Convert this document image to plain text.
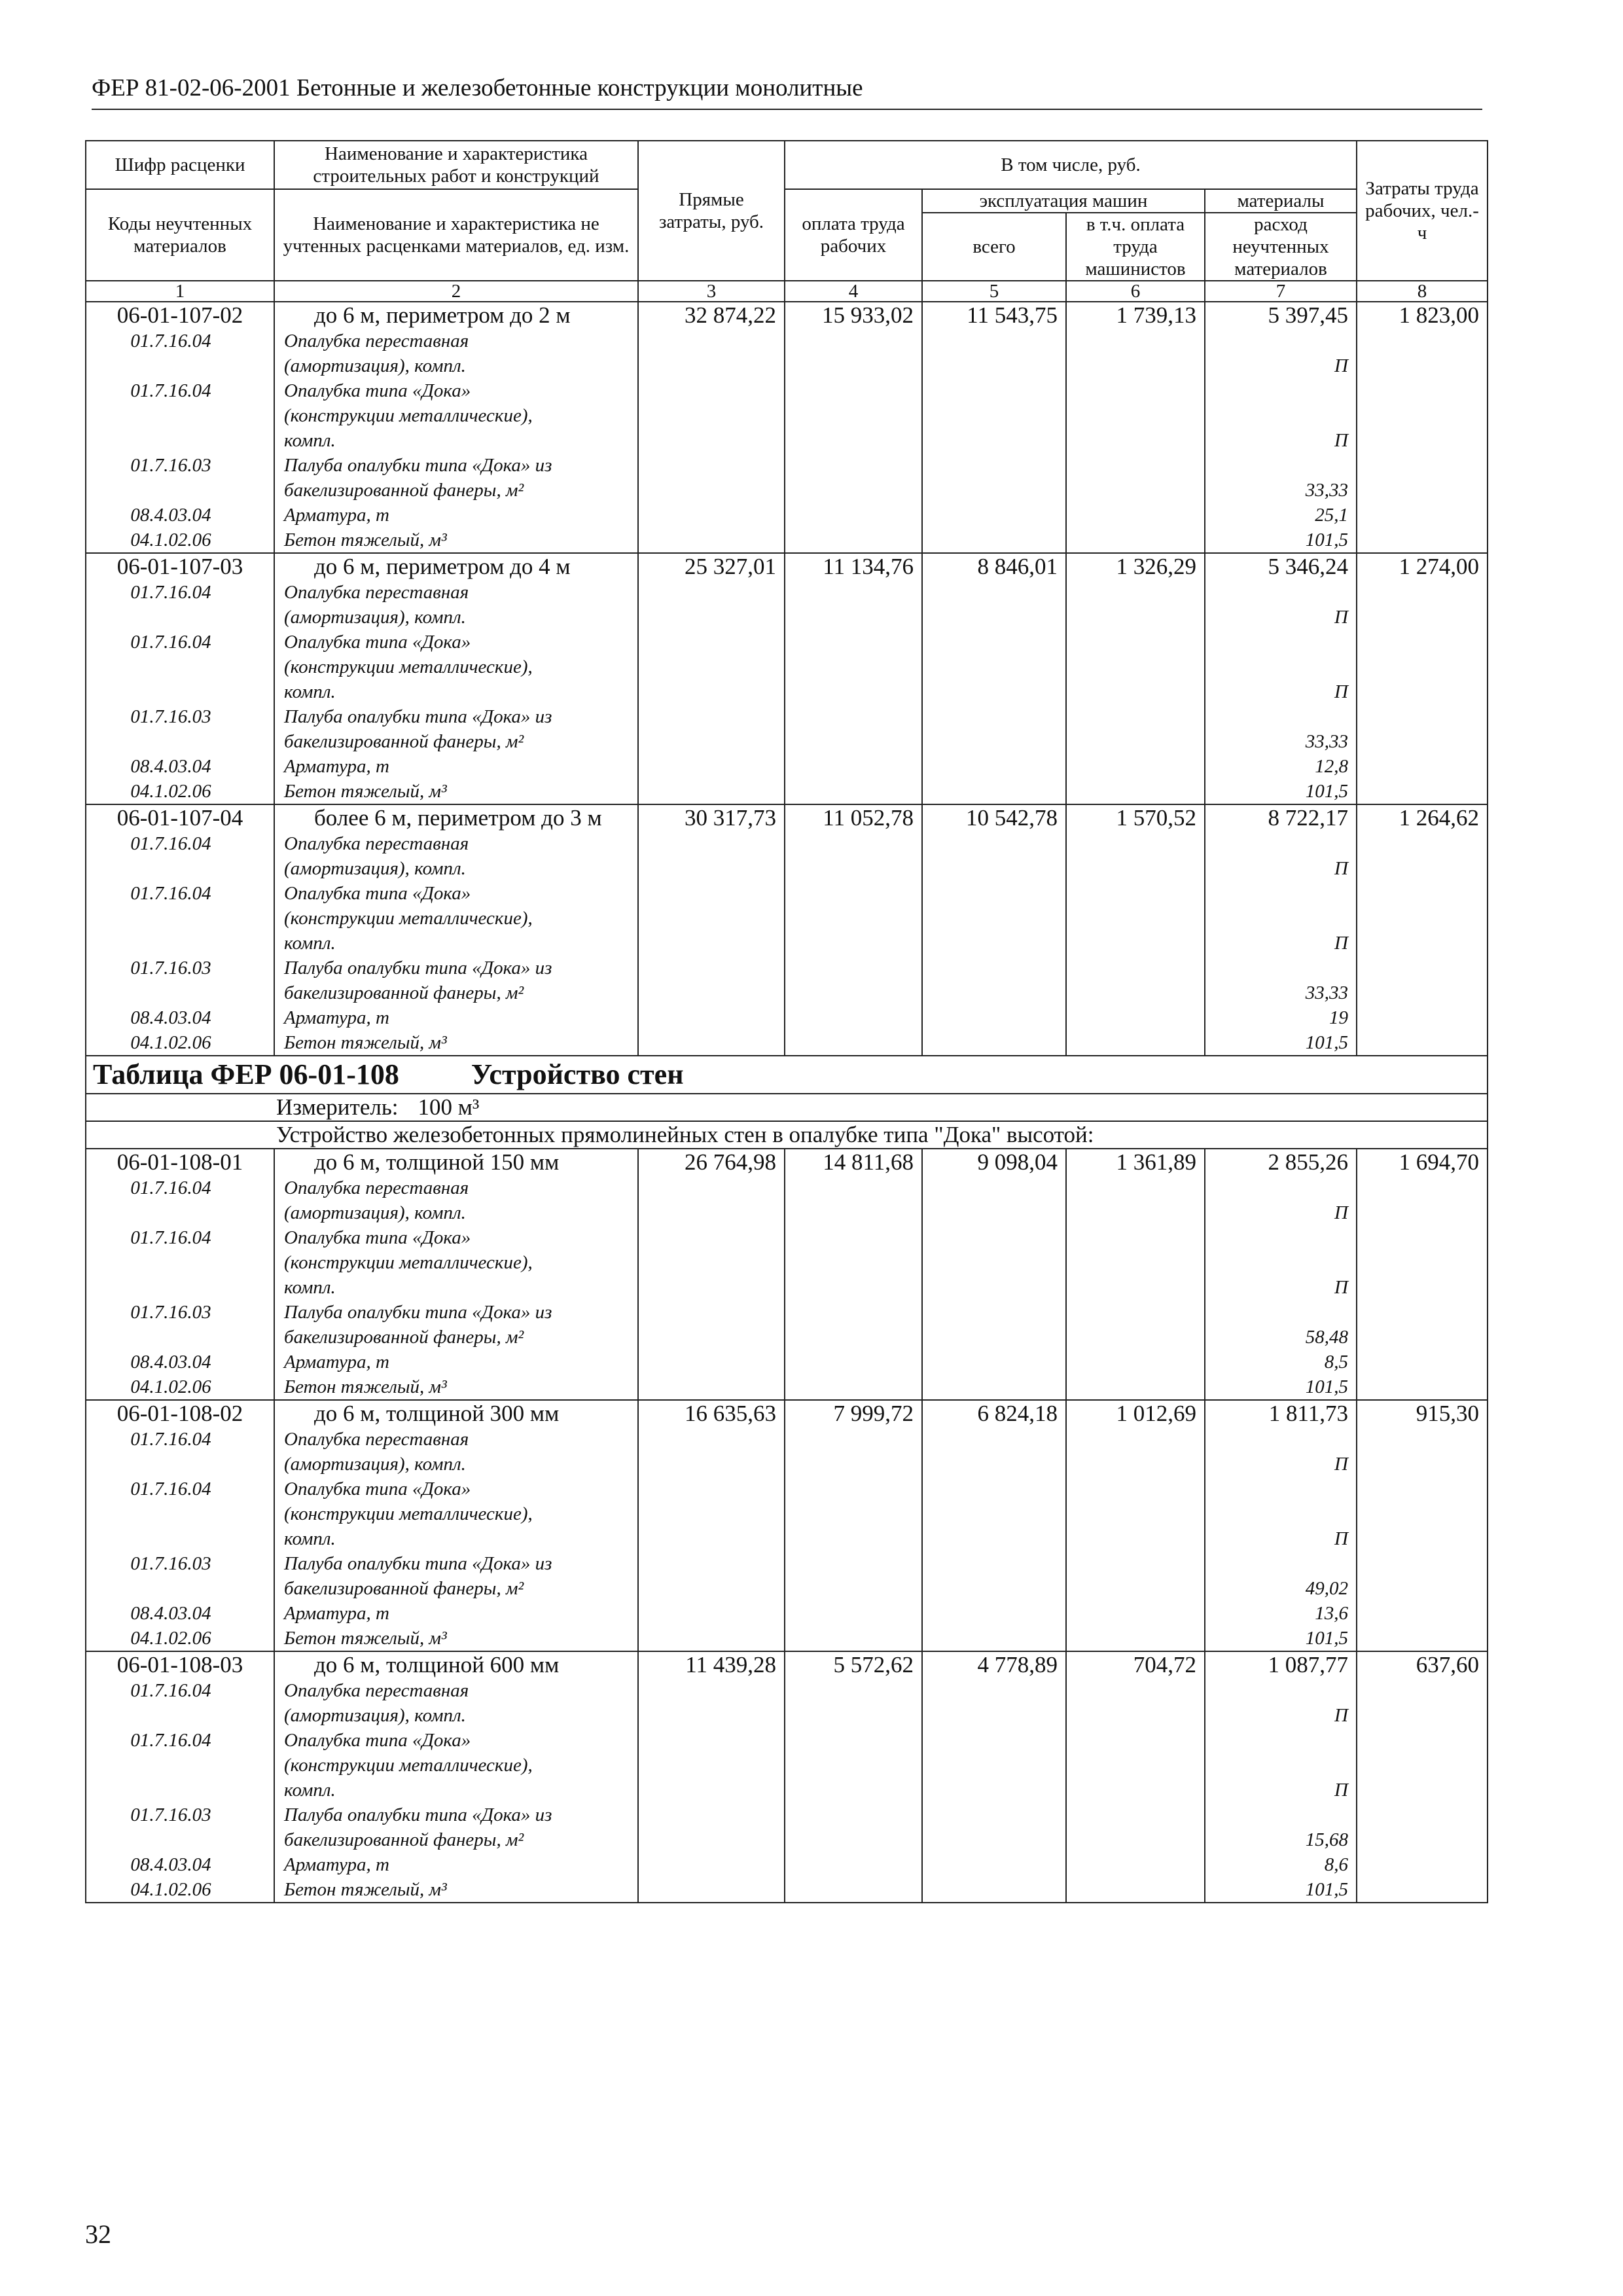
ФЕР 81-02-06-2001 Бетонные и железобетонные конструкции монолитные
Шифр расценки	Наименование и характеристика строительных работ и конструкций	Прямые затраты, руб.	В том числе, руб.				Затраты труда рабочих, чел.-ч
Коды неучтенных материалов	Наименование и характеристика не учтенных расценками материалов, ед. изм.		оплата труда рабочих	эксплуатация машин		материалы	
				всего	в т.ч. оплата труда машинистов	расход неучтенных материалов	
1	2	3	4	5	6	7	8
06-01-107-02	до 6 м, периметром до 2 м	32 874,22	15 933,02	11 543,75	1 739,13	5 397,45	1 823,00
01.7.16.04	Опалубка переставная						
	(амортизация), компл.					П	
01.7.16.04	Опалубка типа «Дока»						
	(конструкции металлические),						
	компл.					П	
01.7.16.03	Палуба опалубки типа «Дока» из						
	бакелизированной фанеры, м²					33,33	
08.4.03.04	Арматура, т					25,1	
04.1.02.06	Бетон тяжелый, м³					101,5	
06-01-107-03	до 6 м, периметром до 4 м	25 327,01	11 134,76	8 846,01	1 326,29	5 346,24	1 274,00
01.7.16.04	Опалубка переставная						
	(амортизация), компл.					П	
01.7.16.04	Опалубка типа «Дока»						
	(конструкции металлические),						
	компл.					П	
01.7.16.03	Палуба опалубки типа «Дока» из						
	бакелизированной фанеры, м²					33,33	
08.4.03.04	Арматура, т					12,8	
04.1.02.06	Бетон тяжелый, м³					101,5	
06-01-107-04	более 6 м, периметром до 3 м	30 317,73	11 052,78	10 542,78	1 570,52	8 722,17	1 264,62
01.7.16.04	Опалубка переставная						
	(амортизация), компл.					П	
01.7.16.04	Опалубка типа «Дока»						
	(конструкции металлические),						
	компл.					П	
01.7.16.03	Палуба опалубки типа «Дока» из						
	бакелизированной фанеры, м²					33,33	
08.4.03.04	Арматура, т					19	
04.1.02.06	Бетон тяжелый, м³					101,5	
Таблица ФЕР 06-01-108 Устройство стен							
Измеритель: 100 м³							
Устройство железобетонных прямолинейных стен в опалубке типа "Дока" высотой:							
06-01-108-01	до 6 м, толщиной 150 мм	26 764,98	14 811,68	9 098,04	1 361,89	2 855,26	1 694,70
01.7.16.04	Опалубка переставная						
	(амортизация), компл.					П	
01.7.16.04	Опалубка типа «Дока»						
	(конструкции металлические),						
	компл.					П	
01.7.16.03	Палуба опалубки типа «Дока» из						
	бакелизированной фанеры, м²					58,48	
08.4.03.04	Арматура, т					8,5	
04.1.02.06	Бетон тяжелый, м³					101,5	
06-01-108-02	до 6 м, толщиной 300 мм	16 635,63	7 999,72	6 824,18	1 012,69	1 811,73	915,30
01.7.16.04	Опалубка переставная						
	(амортизация), компл.					П	
01.7.16.04	Опалубка типа «Дока»						
	(конструкции металлические),						
	компл.					П	
01.7.16.03	Палуба опалубки типа «Дока» из						
	бакелизированной фанеры, м²					49,02	
08.4.03.04	Арматура, т					13,6	
04.1.02.06	Бетон тяжелый, м³					101,5	
06-01-108-03	до 6 м, толщиной 600 мм	11 439,28	5 572,62	4 778,89	704,72	1 087,77	637,60
01.7.16.04	Опалубка переставная						
	(амортизация), компл.					П	
01.7.16.04	Опалубка типа «Дока»						
	(конструкции металлические),						
	компл.					П	
01.7.16.03	Палуба опалубки типа «Дока» из						
	бакелизированной фанеры, м²					15,68	
08.4.03.04	Арматура, т					8,6	
04.1.02.06	Бетон тяжелый, м³					101,5	
32
